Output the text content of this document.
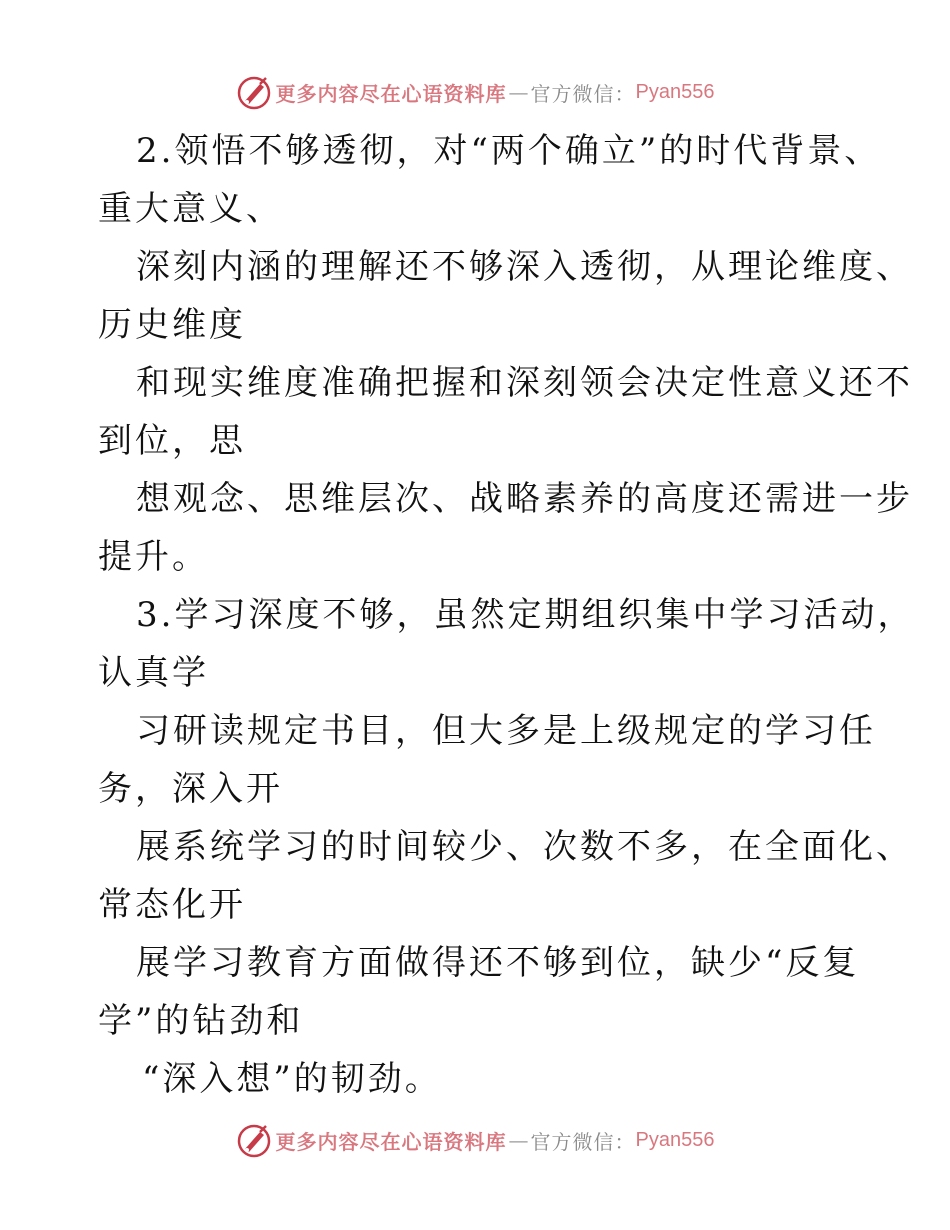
更多内容尽在心语资料库 — 官方微信： Pyan556
2.领悟不够透彻，对“两个确立”的时代背景、
重大意义、
深刻内涵的理解还不够深入透彻，从理论维度、
历史维度
和现实维度准确把握和深刻领会决定性意义还不
到位，思
想观念、思维层次、战略素养的高度还需进一步
提升。
3.学习深度不够，虽然定期组织集中学习活动，
认真学
习研读规定书目，但大多是上级规定的学习任
务，深入开
展系统学习的时间较少、次数不多，在全面化、
常态化开
展学习教育方面做得还不够到位，缺少“反复
学”的钻劲和
“深入想”的韧劲。
更多内容尽在心语资料库 — 官方微信： Pyan556
